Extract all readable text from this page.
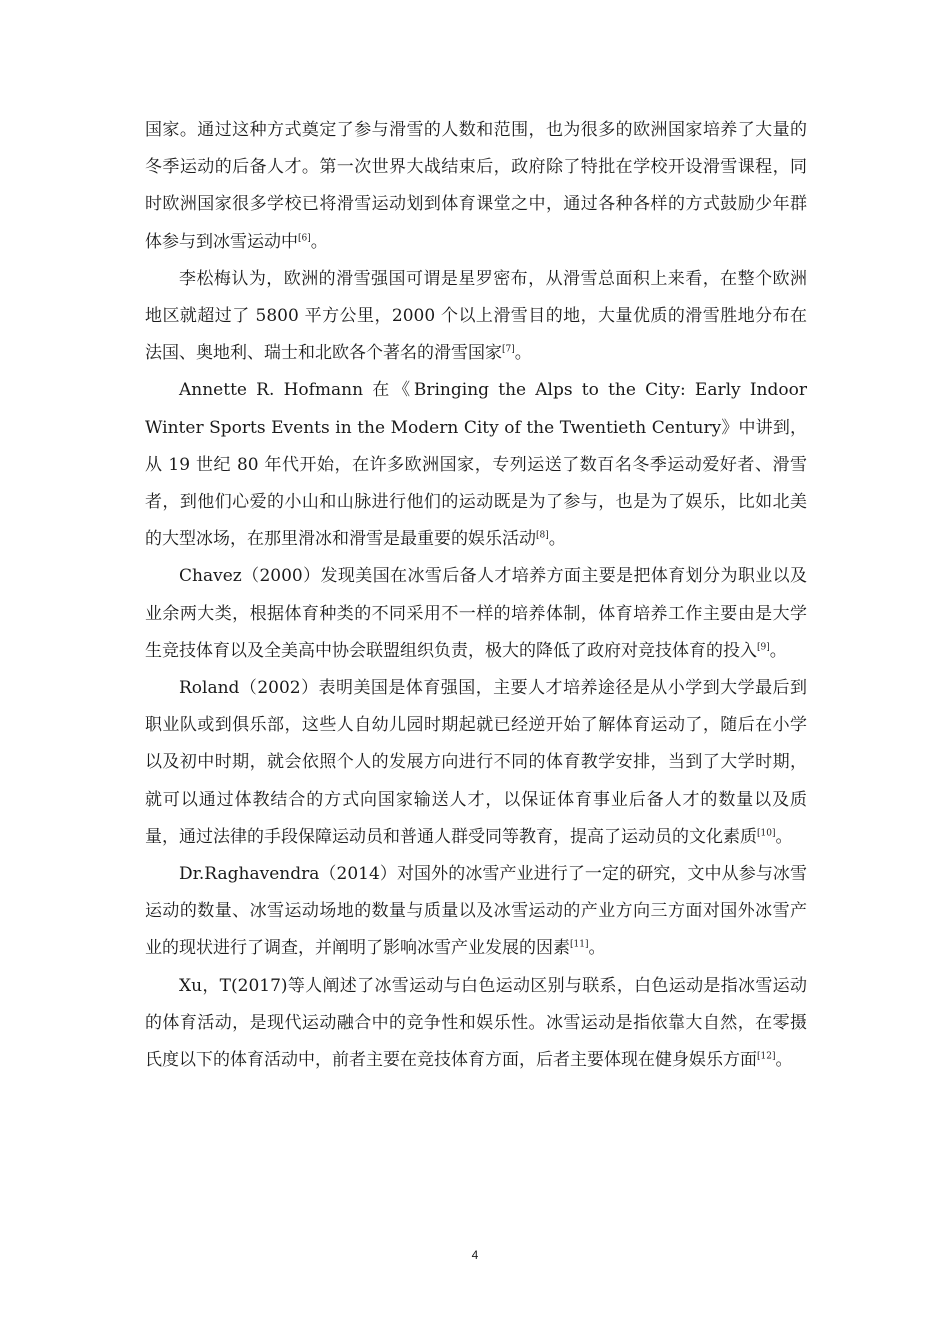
国家。通过这种方式奠定了参与滑雪的人数和范围，也为很多的欧洲国家培养了大量的冬季运动的后备人才。第一次世界大战结束后，政府除了特批在学校开设滑雪课程，同时欧洲国家很多学校已将滑雪运动划到体育课堂之中，通过各种各样的方式鼓励少年群体参与到冰雪运动中[6]。

李松梅认为，欧洲的滑雪强国可谓是星罗密布，从滑雪总面积上来看，在整个欧洲地区就超过了 5800 平方公里，2000 个以上滑雪目的地，大量优质的滑雪胜地分布在法国、奥地利、瑞士和北欧各个著名的滑雪国家[7]。

Annette R. Hofmann 在《Bringing the Alps to the City: Early Indoor Winter Sports Events in the Modern City of the Twentieth Century》中讲到，从 19 世纪 80 年代开始，在许多欧洲国家，专列运送了数百名冬季运动爱好者、滑雪者，到他们心爱的小山和山脉进行他们的运动既是为了参与，也是为了娱乐，比如北美的大型冰场，在那里滑冰和滑雪是最重要的娱乐活动[8]。

Chavez（2000）发现美国在冰雪后备人才培养方面主要是把体育划分为职业以及业余两大类，根据体育种类的不同采用不一样的培养体制，体育培养工作主要由是大学生竞技体育以及全美高中协会联盟组织负责，极大的降低了政府对竞技体育的投入[9]。

Roland（2002）表明美国是体育强国，主要人才培养途径是从小学到大学最后到职业队或到俱乐部，这些人自幼儿园时期起就已经逆开始了解体育运动了，随后在小学以及初中时期，就会依照个人的发展方向进行不同的体育教学安排，当到了大学时期，就可以通过体教结合的方式向国家输送人才，以保证体育事业后备人才的数量以及质量，通过法律的手段保障运动员和普通人群受同等教育，提高了运动员的文化素质[10]。

Dr.Raghavendra（2014）对国外的冰雪产业进行了一定的研究，文中从参与冰雪运动的数量、冰雪运动场地的数量与质量以及冰雪运动的产业方向三方面对国外冰雪产业的现状进行了调查，并阐明了影响冰雪产业发展的因素[11]。

Xu，T(2017)等人阐述了冰雪运动与白色运动区别与联系，白色运动是指冰雪运动的体育活动，是现代运动融合中的竞争性和娱乐性。冰雪运动是指依靠大自然，在零摄氏度以下的体育活动中，前者主要在竞技体育方面，后者主要体现在健身娱乐方面[12]。

4
